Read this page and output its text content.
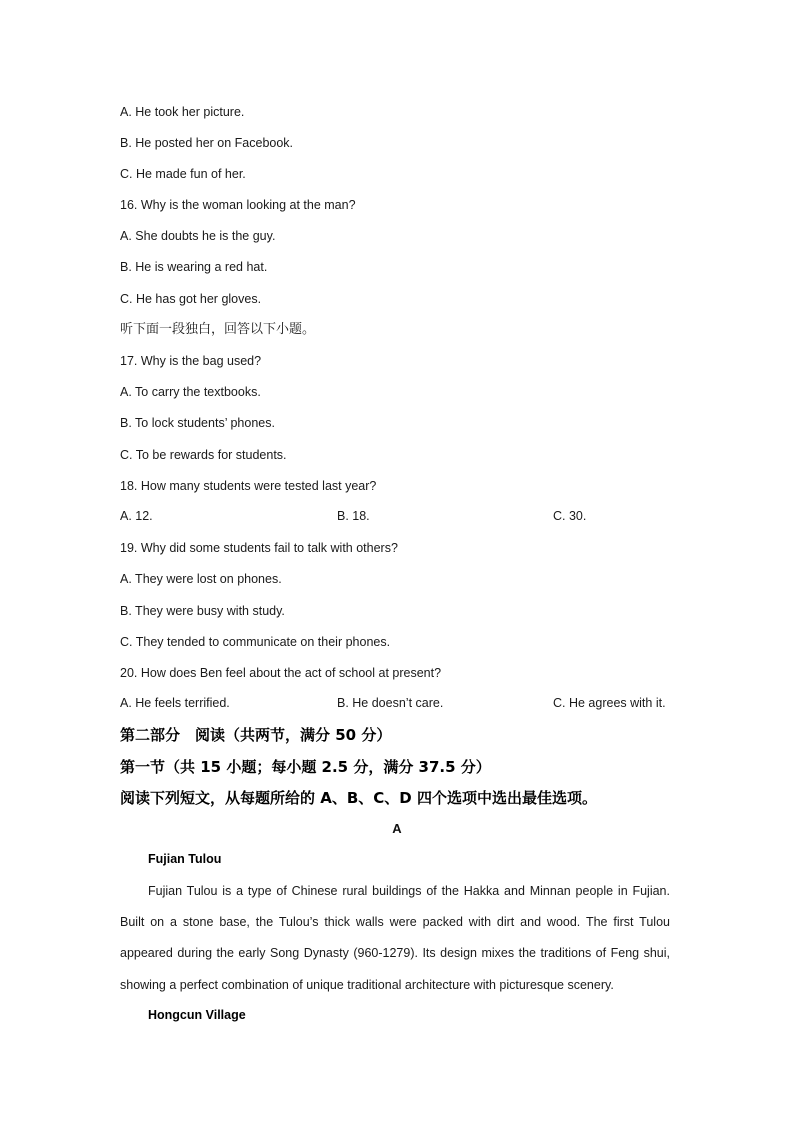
A. He took her picture.
B. He posted her on Facebook.
C. He made fun of her.
16. Why is the woman looking at the man?
A. She doubts he is the guy.
B. He is wearing a red hat.
C. He has got her gloves.
听下面一段独白，回答以下小题。
17. Why is the bag used?
A. To carry the textbooks.
B. To lock students’ phones.
C. To be rewards for students.
18. How many students were tested last year?
A. 12.	B. 18.	C. 30.
19. Why did some students fail to talk with others?
A. They were lost on phones.
B. They were busy with study.
C. They tended to communicate on their phones.
20. How does Ben feel about the act of school at present?
A. He feels terrified.	B. He doesn’t care.	C. He agrees with it.
第二部分　阅读（共两节，满分 50 分）
第一节（共 15 小题；每小题 2.5 分，满分 37.5 分）
阅读下列短文，从每题所给的 A、B、C、D 四个选项中选出最佳选项。
A
Fujian Tulou
Fujian Tulou is a type of Chinese rural buildings of the Hakka and Minnan people in Fujian. Built on a stone base, the Tulou’s thick walls were packed with dirt and wood. The first Tulou appeared during the early Song Dynasty (960-1279). Its design mixes the traditions of Feng shui, showing a perfect combination of unique traditional architecture with picturesque scenery.
Hongcun Village
